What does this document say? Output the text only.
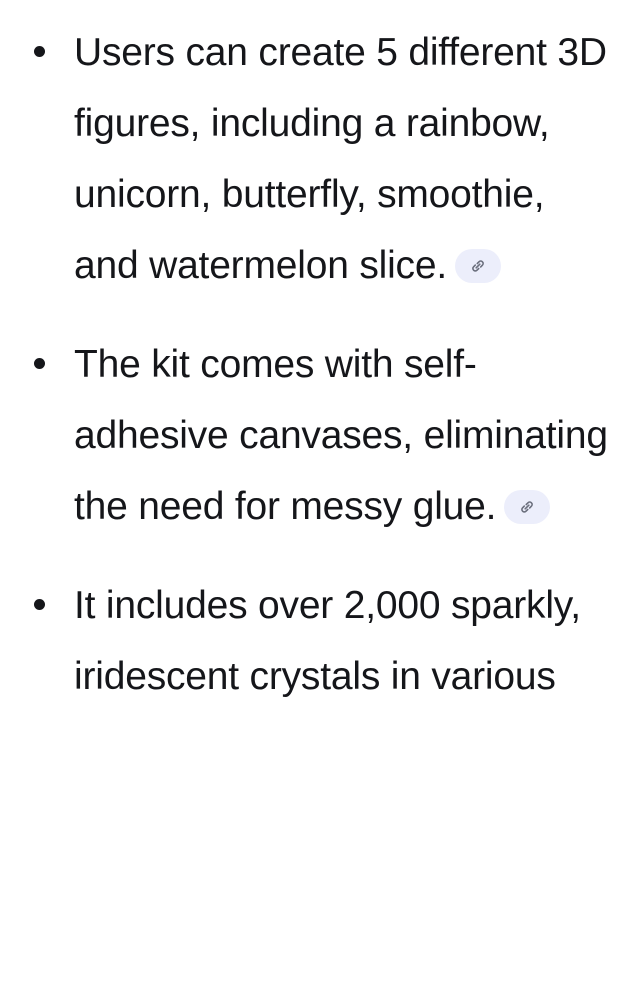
Users can create 5 different 3D figures, including a rainbow, unicorn, butterfly, smoothie, and watermelon slice.
The kit comes with self-adhesive canvases, eliminating the need for messy glue.
It includes over 2,000 sparkly, iridescent crystals in various
